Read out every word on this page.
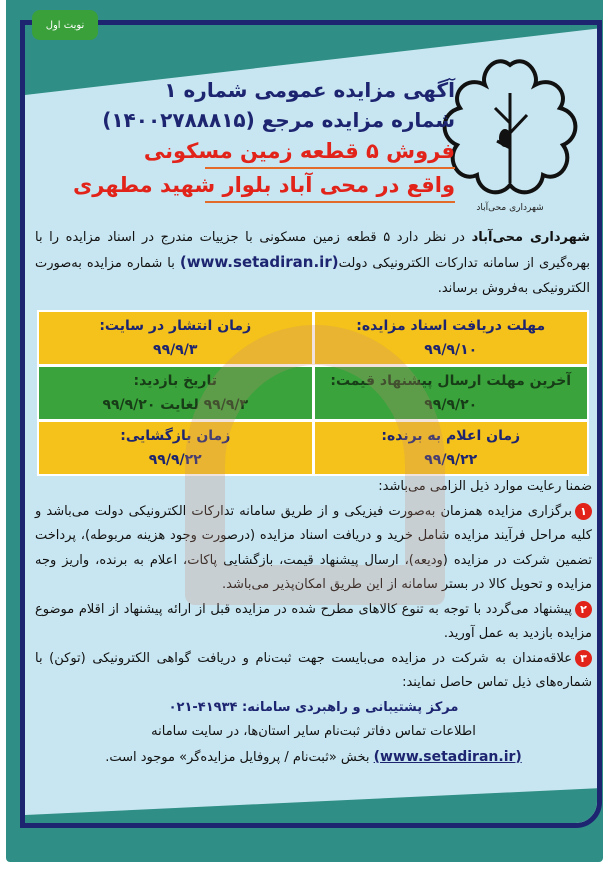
نوبت اول
شهرداری محی‌آباد
آگهی مزایده عمومی شماره ۱
شماره مزایده مرجع (۱۴۰۰۲۷۸۸۸۱۵)
فروش ۵ قطعه زمین مسکونی
واقع در محی آباد بلوار شهید مطهری
شهرداری محی‌آباد در نظر دارد ۵ قطعه زمین مسکونی با جزییات مندرج در اسناد مزایده را با بهره‌گیری از سامانه تدارکات الکترونیکی دولت(www.setadiran.ir) با شماره مزایده به‌صورت الکترونیکی به‌فروش برساند.
زمان انتشار در سایت:
۹۹/۹/۳
مهلت دریافت اسناد مزایده:
۹۹/۹/۱۰
تاریخ بازدید:
۹۹/۹/۳ لغایت ۹۹/۹/۲۰
آخرین مهلت ارسال پیشنهاد قیمت:
۹۹/۹/۲۰
زمان بازگشایی:
۹۹/۹/۲۲
زمان اعلام به برنده:
۹۹/۹/۲۲
ضمنا رعایت موارد ذیل الزامی می‌باشد:
۱برگزاری مزایده همزمان به‌صورت فیزیکی و از طریق سامانه تدارکات الکترونیکی دولت می‌باشد و کلیه مراحل فرآیند مزایده شامل خرید و دریافت اسناد مزایده (درصورت وجود هزینه مربوطه)، پرداخت تضمین شرکت در مزایده (ودیعه)، ارسال پیشنهاد قیمت، بازگشایی پاکات، اعلام به برنده، واریز وجه مزایده و تحویل کالا در بستر سامانه از این طریق امکان‌پذیر می‌باشد.
۲پیشنهاد می‌گردد با توجه به تنوع کالاهای مطرح شده در مزایده قبل از ارائه پیشنهاد از اقلام موضوع مزایده بازدید به عمل آورید.
۳علاقه‌مندان به شرکت در مزایده می‌بایست جهت ثبت‌نام و دریافت گواهی الکترونیکی (توکن) با شماره‌های ذیل تماس حاصل نمایند:
مرکز پشتیبانی و راهبردی سامانه: ۴۱۹۳۴-۰۲۱
اطلاعات تماس دفاتر ثبت‌نام سایر استان‌ها، در سایت سامانه
(www.setadiran.ir) بخش «ثبت‌نام / پروفایل مزایده‌گر» موجود است.
